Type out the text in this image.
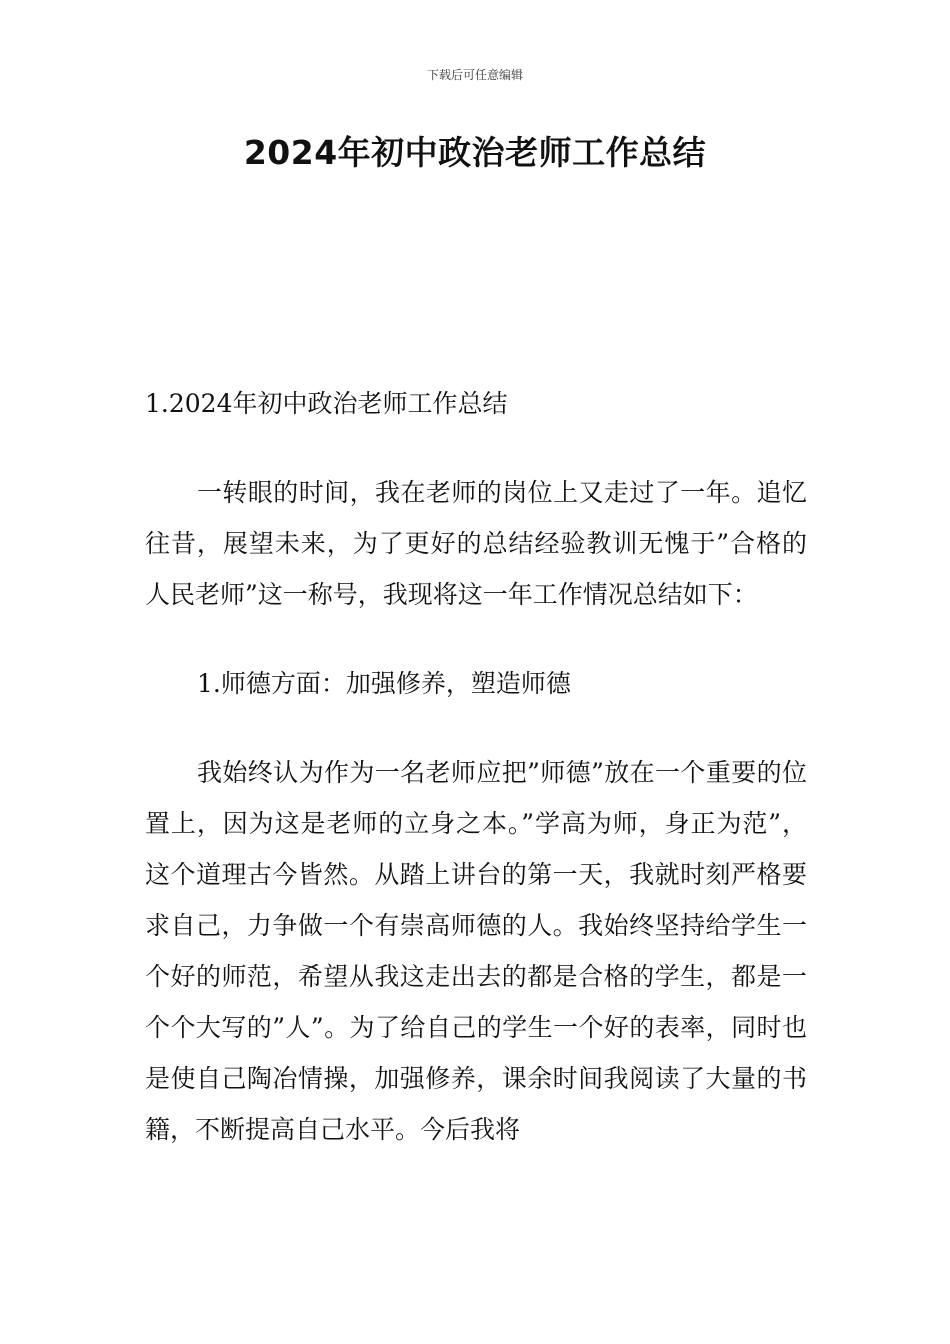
下载后可任意编辑
2024年初中政治老师工作总结

1.2024年初中政治老师工作总结

一转眼的时间，我在老师的岗位上又走过了一年。追忆往昔，展望未来，为了更好的总结经验教训无愧于”合格的人民老师”这一称号，我现将这一年工作情况总结如下：

1.师德方面：加强修养，塑造师德

我始终认为作为一名老师应把”师德”放在一个重要的位置上，因为这是老师的立身之本。”学高为师，身正为范”，这个道理古今皆然。从踏上讲台的第一天，我就时刻严格要求自己，力争做一个有崇高师德的人。我始终坚持给学生一个好的师范，希望从我这走出去的都是合格的学生，都是一个个大写的”人”。为了给自己的学生一个好的表率，同时也是使自己陶冶情操，加强修养，课余时间我阅读了大量的书籍，不断提高自己水平。今后我将
